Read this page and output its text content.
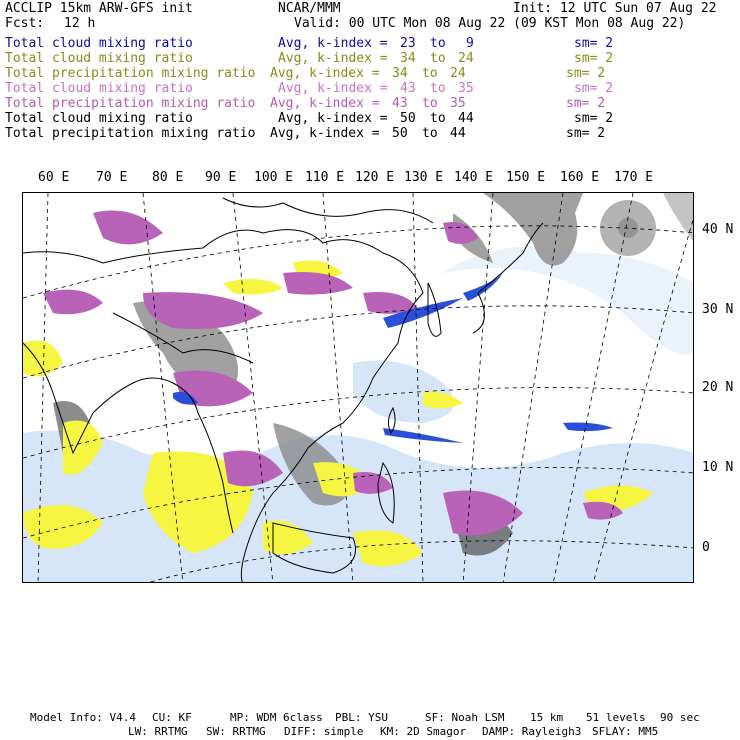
ACCLIP 15km ARW-GFS init	NCAR/MMM	Init: 12 UTC Sun 07 Aug 22
Fcst: 12 h	Valid: 00 UTC Mon 08 Aug 22 (09 KST Mon 08 Aug 22)
Total cloud mixing ratio	Avg, k-index = 23 to 9	sm= 2
Total cloud mixing ratio	Avg, k-index = 34 to 24	sm= 2
Total precipitation mixing ratio Avg, k-index = 34 to 24	sm= 2
Total cloud mixing ratio	Avg, k-index = 43 to 35	sm= 2
Total precipitation mixing ratio Avg, k-index = 43 to 35	sm= 2
Total cloud mixing ratio	Avg, k-index = 50 to 44	sm= 2
Total precipitation mixing ratio Avg, k-index = 50 to 44	sm= 2
60 E 70 E 80 E 90 E 100 E 110 E 120 E 130 E 140 E 150 E 160 E 170 E
40 N
30 N
20 N
10 N
0
Model Info: V4.4 CU: KF	MP: WDM 6class PBL: YSU	SF: Noah LSM 15 km 51 levels 90 sec
LW: RRTMG SW: RRTMG DIFF: simple KM: 2D Smagor DAMP: Rayleigh3 SFLAY: MM5
